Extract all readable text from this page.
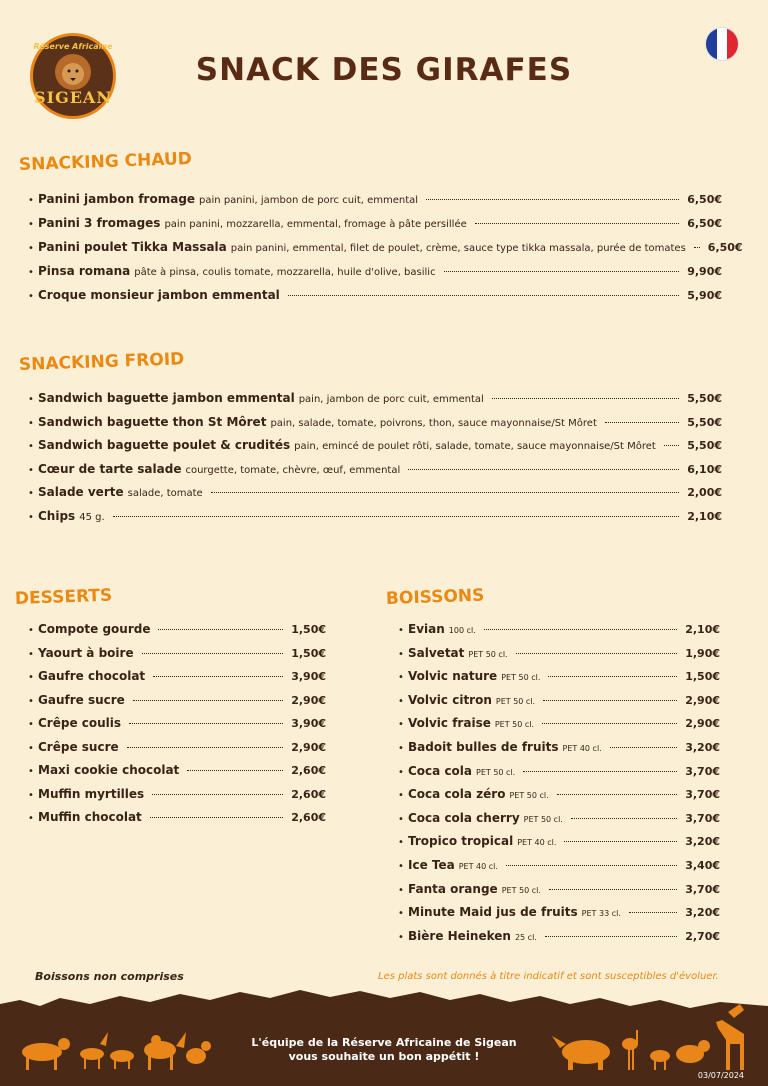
Réserve Africaine
SIGEAN
SNACK DES GIRAFES
SNACKING CHAUD
SNACKING FROID
DESSERTS	BOISSONS
• Panini jambon fromage pain panini, jambon de porc cuit, emmental	6,50€
• Panini 3 fromages pain panini, mozzarella, emmental, fromage à pâte persillée	6,50€
• Panini poulet Tikka Massala pain panini, emmental, filet de poulet, crème, sauce type tikka massala, purée de tomates 6,50€
• Pinsa romana pâte à pinsa, coulis tomate, mozzarella, huile d'olive, basilic	9,90€
• Croque monsieur jambon emmental	5,90€
• Sandwich baguette jambon emmental pain, jambon de porc cuit, emmental	5,50€
• Sandwich baguette thon St Môret pain, salade, tomate, poivrons, thon, sauce mayonnaise/St Môret	5,50€
• Sandwich baguette poulet & crudités pain, emincé de poulet rôti, salade, tomate, sauce mayonnaise/St Môret	5,50€
• Cœur de tarte salade courgette, tomate, chèvre, œuf, emmental	6,10€
• Salade verte salade, tomate	2,00€
• Chips 45 g.	2,10€
• Compote gourde	1,50€
• Yaourt à boire	1,50€
• Gaufre chocolat	3,90€
• Gaufre sucre	2,90€
• Crêpe coulis	3,90€
• Crêpe sucre	2,90€
• Maxi cookie chocolat	2,60€
• Muffin myrtilles	2,60€
• Muffin chocolat	2,60€
• Evian 100 cl.	2,10€
• Salvetat PET 50 cl.	1,90€
• Volvic nature PET 50 cl.	1,50€
• Volvic citron PET 50 cl.	2,90€
• Volvic fraise PET 50 cl.	2,90€
• Badoit bulles de fruits PET 40 cl.	3,20€
• Coca cola PET 50 cl.	3,70€
• Coca cola zéro PET 50 cl.	3,70€
• Coca cola cherry PET 50 cl.	3,70€
• Tropico tropical PET 40 cl.	3,20€
• Ice Tea PET 40 cl.	3,40€
• Fanta orange PET 50 cl.	3,70€
• Minute Maid jus de fruits PET 33 cl.	3,20€
• Bière Heineken 25 cl.	2,70€
Boissons non comprises	Les plats sont donnés à titre indicatif et sont susceptibles d'évoluer.
L'équipe de la Réserve Africaine de Sigean
vous souhaite un bon appétit !
03/07/2024
